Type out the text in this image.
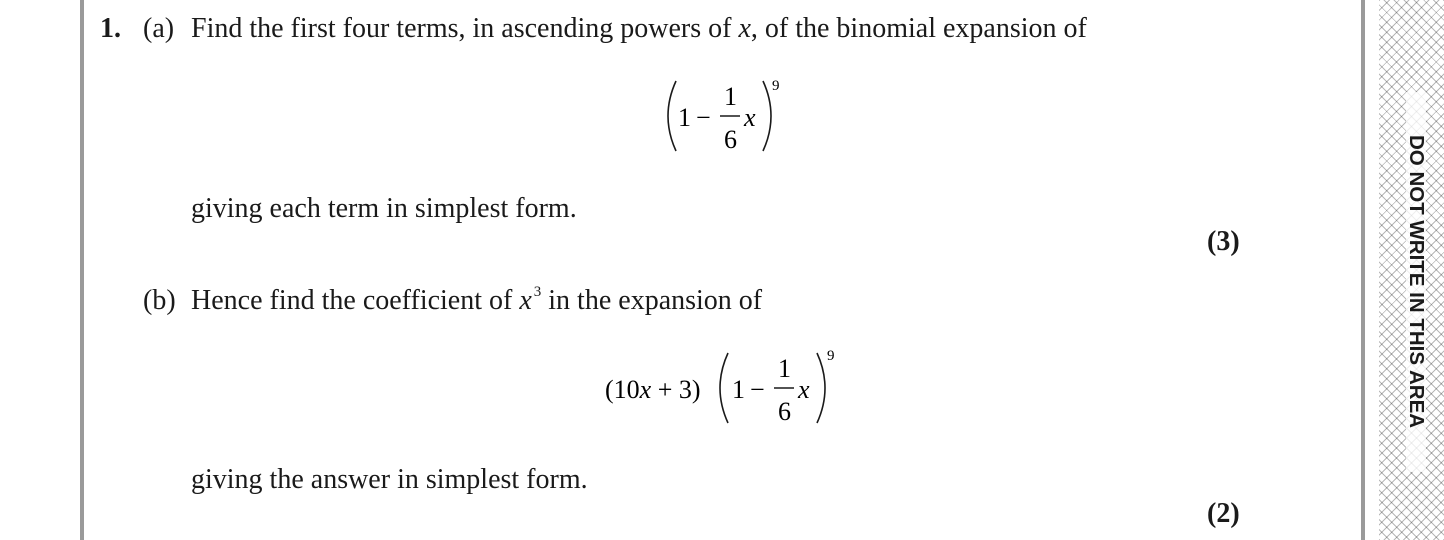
DO NOT WRITE IN THIS AREA
1. (a) Find the first four terms, in ascending powers of x, of the binomial expansion of
1 −
1
6
x
9
giving each term in simplest form.
(3)
(b) Hence find the coefficient of x $^3$ in the expansion of
(10x + 3) 1 −
1
6
x
9
giving the answer in simplest form.
(2)
